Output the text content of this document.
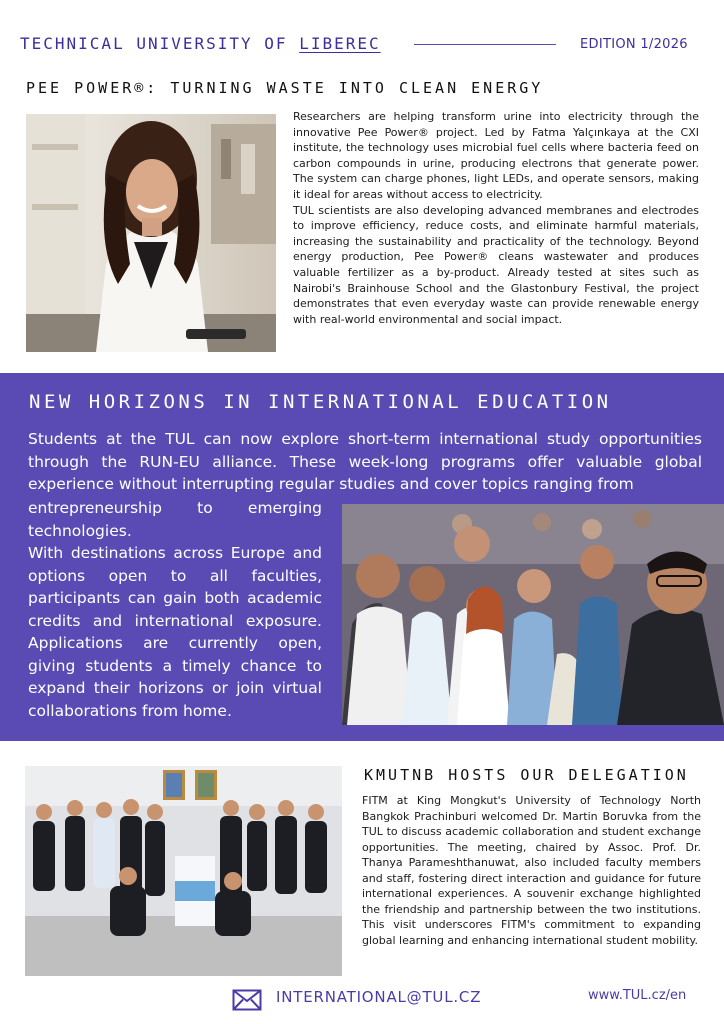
TECHNICAL UNIVERSITY OF LIBEREC	EDITION 1/2026
PEE POWER®: TURNING WASTE INTO CLEAN ENERGY

Researchers are helping transform urine into electricity through the innovative Pee Power® project. Led by Fatma Yalçınkaya at the CXI institute, the technology uses microbial fuel cells where bacteria feed on carbon compounds in urine, producing electrons that generate power. The system can charge phones, light LEDs, and operate sensors, making it ideal for areas without access to electricity.

TUL scientists are also developing advanced membranes and electrodes to improve efficiency, reduce costs, and eliminate harmful materials, increasing the sustainability and practicality of the technology. Beyond energy production, Pee Power® cleans wastewater and produces valuable fertilizer as a by-product. Already tested at sites such as Nairobi's Brainhouse School and the Glastonbury Festival, the project demonstrates that even everyday waste can provide renewable energy with real-world environmental and social impact.

NEW HORIZONS IN INTERNATIONAL EDUCATION
Students at the TUL can now explore short-term international study opportunities through the RUN-EU alliance. These week-long programs offer valuable global experience without interrupting regular studies and cover topics ranging from

entrepreneurship to emerging technologies.

With destinations across Europe and options open to all faculties, participants can gain both academic credits and international exposure. Applications are currently open, giving students a timely chance to expand their horizons or join virtual collaborations from home.

KMUTNB HOSTS OUR DELEGATION
FITM at King Mongkut's University of Technology North Bangkok Prachinburi welcomed Dr. Martin Boruvka from the TUL to discuss academic collaboration and student exchange opportunities. The meeting, chaired by Assoc. Prof. Dr. Thanya Parameshthanuwat, also included faculty members and staff, fostering direct interaction and guidance for future international experiences. A souvenir exchange highlighted the friendship and partnership between the two institutions. This visit underscores FITM's commitment to expanding global learning and enhancing international student mobility.
INTERNATIONAL@TUL.CZ	www.TUL.cz/en
